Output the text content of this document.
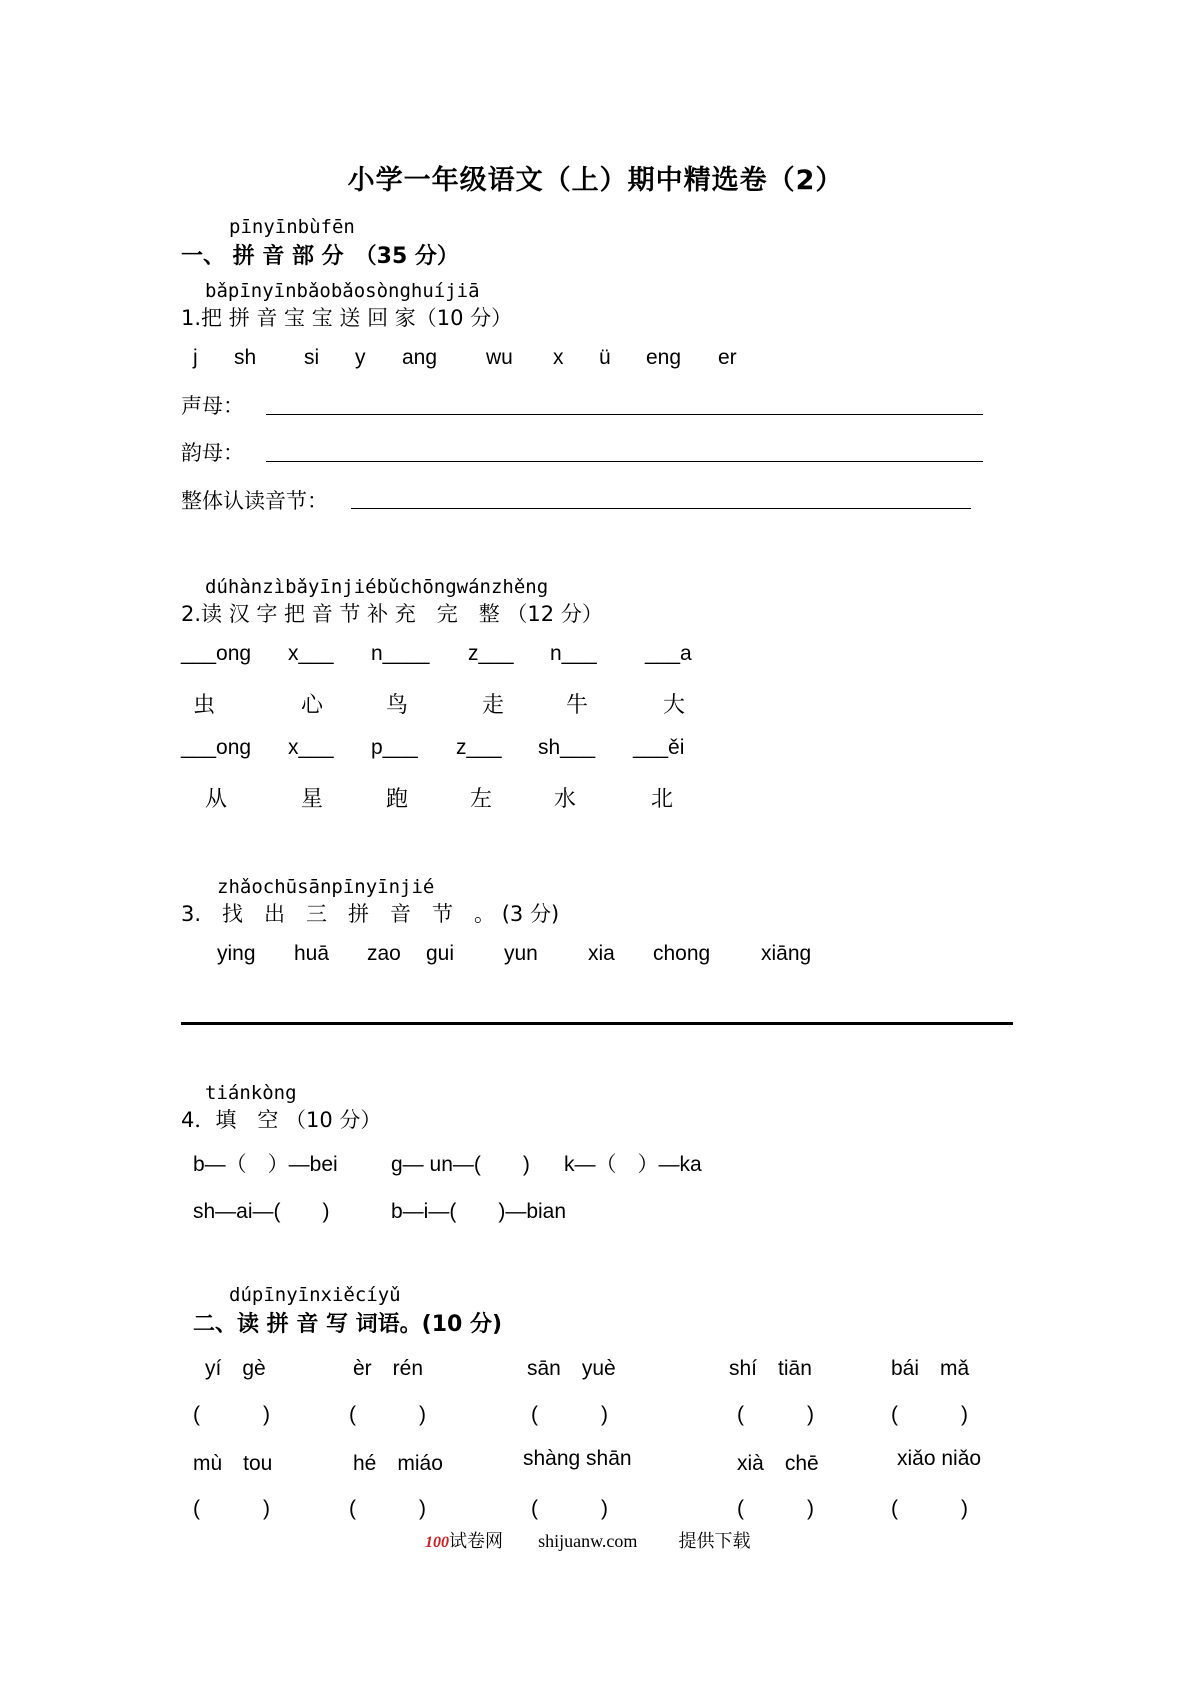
小学一年级语文（上）期中精选卷（2）
pīnyīnbùfēn
一、 拼 音 部 分　（35 分）
bǎpīnyīnbǎobǎosònghuíjiā
1.把 拼 音 宝 宝 送 回 家（10 分）
j sh si y ang wu x ü eng er
声母：
韵母：
整体认读音节：
dúhànzìbǎyīnjiébǔchōngwánzhěng
2.读 汉 字 把 音 节 补 充　完　整 （12 分）
___ong x___ n____ z___ n___ ___a
虫	心	鸟	走	牛	大
___ong x___ p___ z___ sh___ ___ěi
从	星	跑	左	水	北
zhǎochūsānpīnyīnjié
3.　找　出　三　拼　音　节　。 (3 分)
ying huā zao gui yun xia chong xiāng
tiánkòng
4．填　空 （10 分）
b—（　）—bei	g— un—(　　) k—（　）—ka
sh—ai—(　　)	b—i—(　　)—bian
dúpīnyīnxiěcíyǔ
二、读 拼 音 写 词语。(10 分)
yí　gè	èr　rén	sān　yuè	shí　tiān	bái　mǎ
(　　　)	(　　　)	(　　　)	(　　　)	(　　　)
mù　tou	hé　miáo	shàng shān	xià　chē	xiǎo niǎo
(　　　)	(　　　)	(　　　)	(　　　)	(　　　)
100试卷网 shijuanw.com 提供下载
